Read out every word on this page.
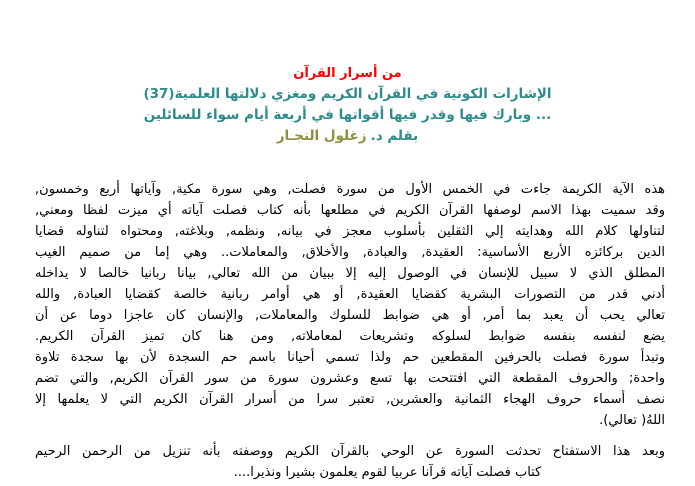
من أسرار القرآن
الإشارات الكونية في القرآن الكريم ومغزي دلالتها العلمية(37)
... وبارك فيها وقدر فيها أقواتها في أربعة أيام سواء للسائلين
بقلم د.زغلول النجـار
هذه الآية الكريمة جاءت في الخمس الأول من سورة فصلت, وهي سورة مكية, وآياتها أربع وخمسون,
وقد سميت بهذا الاسم لوصفها القرآن الكريم في مطلعها بأنه كتاب فصلت آياته أي ميزت لفظا ومعني,
لتناولها كلام الله وهدايته إلي الثقلين بأسلوب معجز في بيانه, ونظمه, وبلاغته, ومحتواه لتناوله قضايا
الدين بركائزه الأربع الأساسية: العقيدة, والعبادة, والأخلاق, والمعاملات.. وهي إما من صميم الغيب
المطلق الذي لا سبيل للإنسان في الوصول إليه إلا ببيان من الله تعالي, بيانا ربانيا خالصا لا يداخله
أدني قدر من التصورات البشرية كقضايا العقيدة, أو هي أوامر ربانية خالصة كقضايا العبادة, والله
تعالي يحب أن يعبد بما أمر, أو هي ضوابط للسلوك والمعاملات, والإنسان كان عاجزا دوما عن أن
يضع لنفسه بنفسه ضوابط لسلوكه وتشريعات لمعاملاته, ومن هنا كان تميز القرآن الكريم.
وتبدأ سورة فصلت بالحرفين المقطعين حم ولذا تسمي أحيانا باسم حم السجدة لأن بها سجدة تلاوة
واحدة; والحروف المقطعة التي افتتحت بها تسع وعشرون سورة من سور القرآن الكريم, والتي تضم
نصف أسماء حروف الهجاء الثمانية والعشرين, تعتبر سرا من أسرار القرآن الكريم التي لا يعلمها إلا
اللهُ( تعالي).
وبعد هذا الاستفتاح تحدثت السورة عن الوحي بالقرآن الكريم ووصفته بأنه تنزيل من الرحمن الرحيم
كتاب فصلت آياته قرآنا عربيا لقوم يعلمون بشيرا ونذيرا....
